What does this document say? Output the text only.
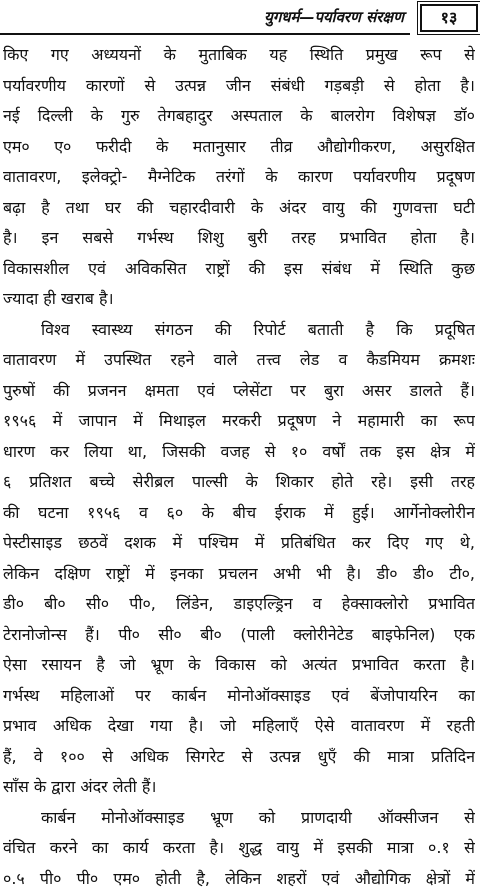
युगधर्म—पर्यावरण संरक्षण	१३

किए गए अध्ययनों के मुताबिक यह स्थिति प्रमुख रूप से
पर्यावरणीय कारणों से उत्पन्न जीन संबंधी गड़बड़ी से होता है।
नई दिल्ली के गुरु तेगबहादुर अस्पताल के बालरोग विशेषज्ञ डॉ०
एम० ए० फरीदी के मतानुसार तीव्र औद्योगीकरण, असुरक्षित
वातावरण, इलेक्ट्रो- मैग्नेटिक तरंगों के कारण पर्यावरणीय प्रदूषण
बढ़ा है तथा घर की चहारदीवारी के अंदर वायु की गुणवत्ता घटी
है। इन सबसे गर्भस्थ शिशु बुरी तरह प्रभावित होता है।
विकासशील एवं अविकसित राष्ट्रों की इस संबंध में स्थिति कुछ
ज्यादा ही खराब है।

विश्व स्वास्थ्य संगठन की रिपोर्ट बताती है कि प्रदूषित
वातावरण में उपस्थित रहने वाले तत्त्व लेड व कैडमियम क्रमशः
पुरुषों की प्रजनन क्षमता एवं प्लेसेंटा पर बुरा असर डालते हैं।
१९५६ में जापान में मिथाइल मरकरी प्रदूषण ने महामारी का रूप
धारण कर लिया था, जिसकी वजह से १० वर्षों तक इस क्षेत्र में
६ प्रतिशत बच्चे सेरीब्रल पाल्सी के शिकार होते रहे। इसी तरह
की घटना १९५६ व ६० के बीच ईराक में हुई। आर्गेनोक्लोरीन
पेस्टीसाइड छठवें दशक में पश्चिम में प्रतिबंधित कर दिए गए थे,
लेकिन दक्षिण राष्ट्रों में इनका प्रचलन अभी भी है। डी० डी० टी०,
डी० बी० सी० पी०, लिंडेन, डाइएल्ड्रिन व हेक्साक्लोरो प्रभावित
टेरानोजोन्स हैं। पी० सी० बी० (पाली क्लोरीनेटेड बाइफेनिल) एक
ऐसा रसायन है जो भ्रूण के विकास को अत्यंत प्रभावित करता है।
गर्भस्थ महिलाओं पर कार्बन मोनोऑक्साइड एवं बेंजोपायरिन का
प्रभाव अधिक देखा गया है। जो महिलाएँ ऐसे वातावरण में रहती
हैं, वे १०० से अधिक सिगरेट से उत्पन्न धुएँ की मात्रा प्रतिदिन
साँस के द्वारा अंदर लेती हैं।

कार्बन मोनोऑक्साइड भ्रूण को प्राणदायी ऑक्सीजन से
वंचित करने का कार्य करता है। शुद्ध वायु में इसकी मात्रा ०.१ से
०.५ पी० पी० एम० होती है, लेकिन शहरों एवं औद्योगिक क्षेत्रों में
